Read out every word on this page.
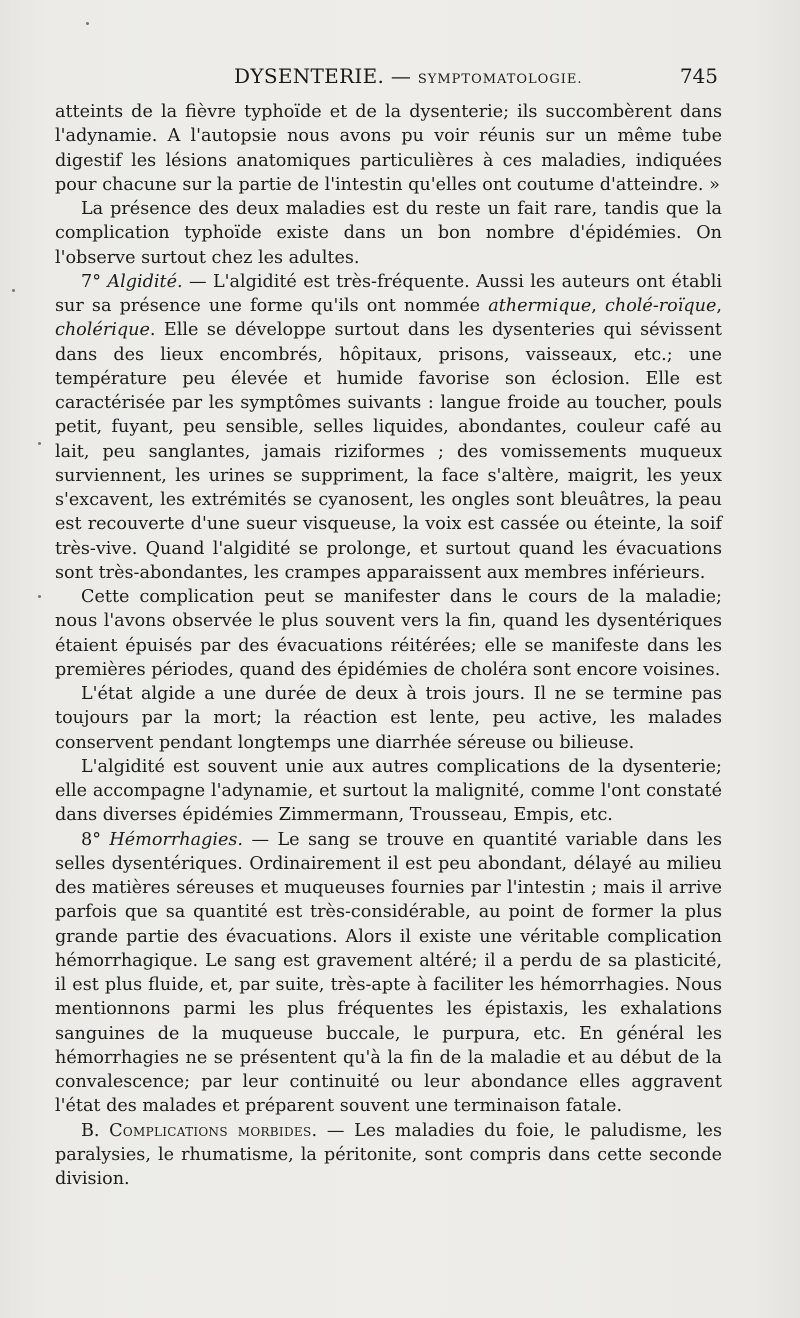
DYSENTERIE. — SYMPTOMATOLOGIE.	745

atteints de la fièvre typhoïde et de la dysenterie; ils succombèrent dans l'adynamie. A l'autopsie nous avons pu voir réunis sur un même tube digestif les lésions anatomiques particulières à ces maladies, indiquées pour chacune sur la partie de l'intestin qu'elles ont coutume d'atteindre. »

La présence des deux maladies est du reste un fait rare, tandis que la complication typhoïde existe dans un bon nombre d'épidémies. On l'observe surtout chez les adultes.

7° Algidité. — L'algidité est très-fréquente. Aussi les auteurs ont établi sur sa présence une forme qu'ils ont nommée athermique, cholé-roïque, cholérique. Elle se développe surtout dans les dysenteries qui sévissent dans des lieux encombrés, hôpitaux, prisons, vaisseaux, etc.; une température peu élevée et humide favorise son éclosion. Elle est caractérisée par les symptômes suivants : langue froide au toucher, pouls petit, fuyant, peu sensible, selles liquides, abondantes, couleur café au lait, peu sanglantes, jamais riziformes ; des vomissements muqueux surviennent, les urines se suppriment, la face s'altère, maigrit, les yeux s'excavent, les extrémités se cyanosent, les ongles sont bleuâtres, la peau est recouverte d'une sueur visqueuse, la voix est cassée ou éteinte, la soif très-vive. Quand l'algidité se prolonge, et surtout quand les évacuations sont très-abondantes, les crampes apparaissent aux membres inférieurs.

Cette complication peut se manifester dans le cours de la maladie; nous l'avons observée le plus souvent vers la fin, quand les dysentériques étaient épuisés par des évacuations réitérées; elle se manifeste dans les premières périodes, quand des épidémies de choléra sont encore voisines.

L'état algide a une durée de deux à trois jours. Il ne se termine pas toujours par la mort; la réaction est lente, peu active, les malades conservent pendant longtemps une diarrhée séreuse ou bilieuse.

L'algidité est souvent unie aux autres complications de la dysenterie; elle accompagne l'adynamie, et surtout la malignité, comme l'ont constaté dans diverses épidémies Zimmermann, Trousseau, Empis, etc.

8° Hémorrhagies. — Le sang se trouve en quantité variable dans les selles dysentériques. Ordinairement il est peu abondant, délayé au milieu des matières séreuses et muqueuses fournies par l'intestin ; mais il arrive parfois que sa quantité est très-considérable, au point de former la plus grande partie des évacuations. Alors il existe une véritable complication hémorrhagique. Le sang est gravement altéré; il a perdu de sa plasticité, il est plus fluide, et, par suite, très-apte à faciliter les hémorrhagies. Nous mentionnons parmi les plus fréquentes les épistaxis, les exhalations sanguines de la muqueuse buccale, le purpura, etc. En général les hémorrhagies ne se présentent qu'à la fin de la maladie et au début de la convalescence; par leur continuité ou leur abondance elles aggravent l'état des malades et préparent souvent une terminaison fatale.

B. Complications morbides. — Les maladies du foie, le paludisme, les paralysies, le rhumatisme, la péritonite, sont compris dans cette seconde division.
